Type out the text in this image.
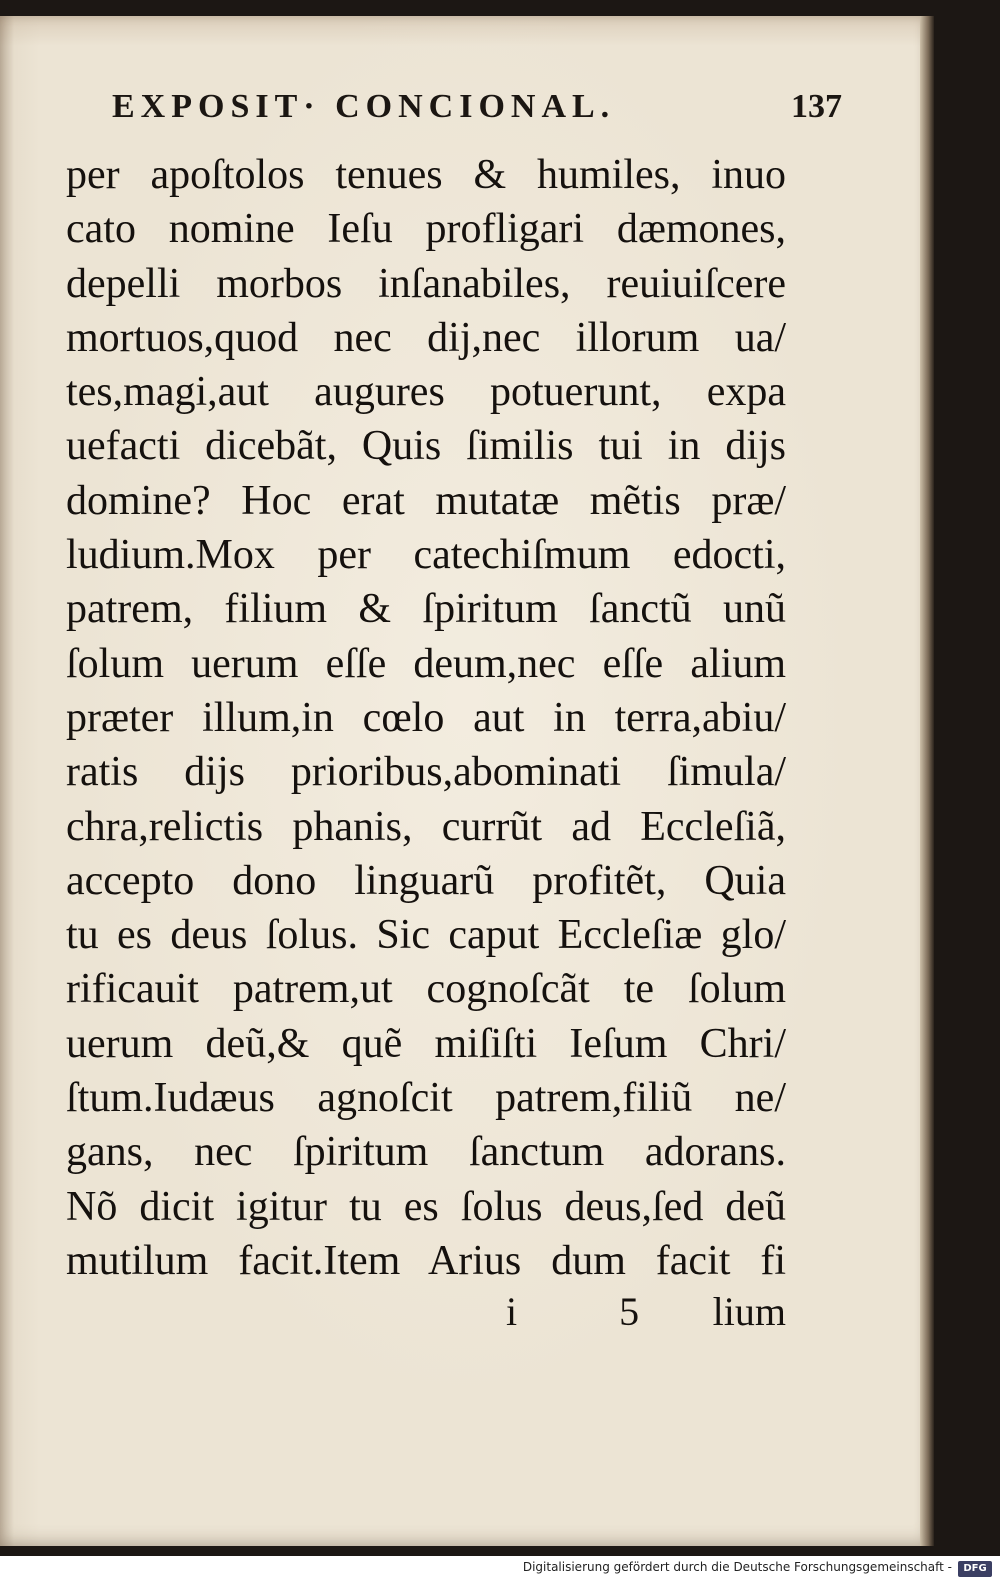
EXPOSIT· CONCIONAL.	137
per apoſtolos tenues & humiles, inuo
cato nomine Ieſu profligari dæmones,
depelli morbos inſanabiles, reuiuiſcere
mortuos,quod nec dij,nec illorum ua/
tes,magi,aut augures potuerunt, expa
uefacti dicebãt, Quis ſimilis tui in dijs
domine? Hoc erat mutatæ mẽtis præ/
ludium.Mox per catechiſmum edocti,
patrem, filium & ſpiritum ſanctũ unũ
ſolum uerum eſſe deum,nec eſſe alium
præter illum,in cœlo aut in terra,abiu/
ratis dijs prioribus,abominati ſimula/
chra,relictis phanis, currũt ad Eccleſiã,
accepto dono linguarũ profitẽt, Quia
tu es deus ſolus. Sic caput Eccleſiæ glo/
rificauit patrem,ut cognoſcãt te ſolum
uerum deũ,& quẽ miſiſti Ieſum Chri/
ſtum.Iudæus agnoſcit patrem,filiũ ne/
gans, nec ſpiritum ſanctum adorans.
Nõ dicit igitur tu es ſolus deus,ſed deũ
mutilum facit.Item Arius dum facit fi
i 5 lium
Digitalisierung gefördert durch die Deutsche Forschungsgemeinschaft -	DFG
